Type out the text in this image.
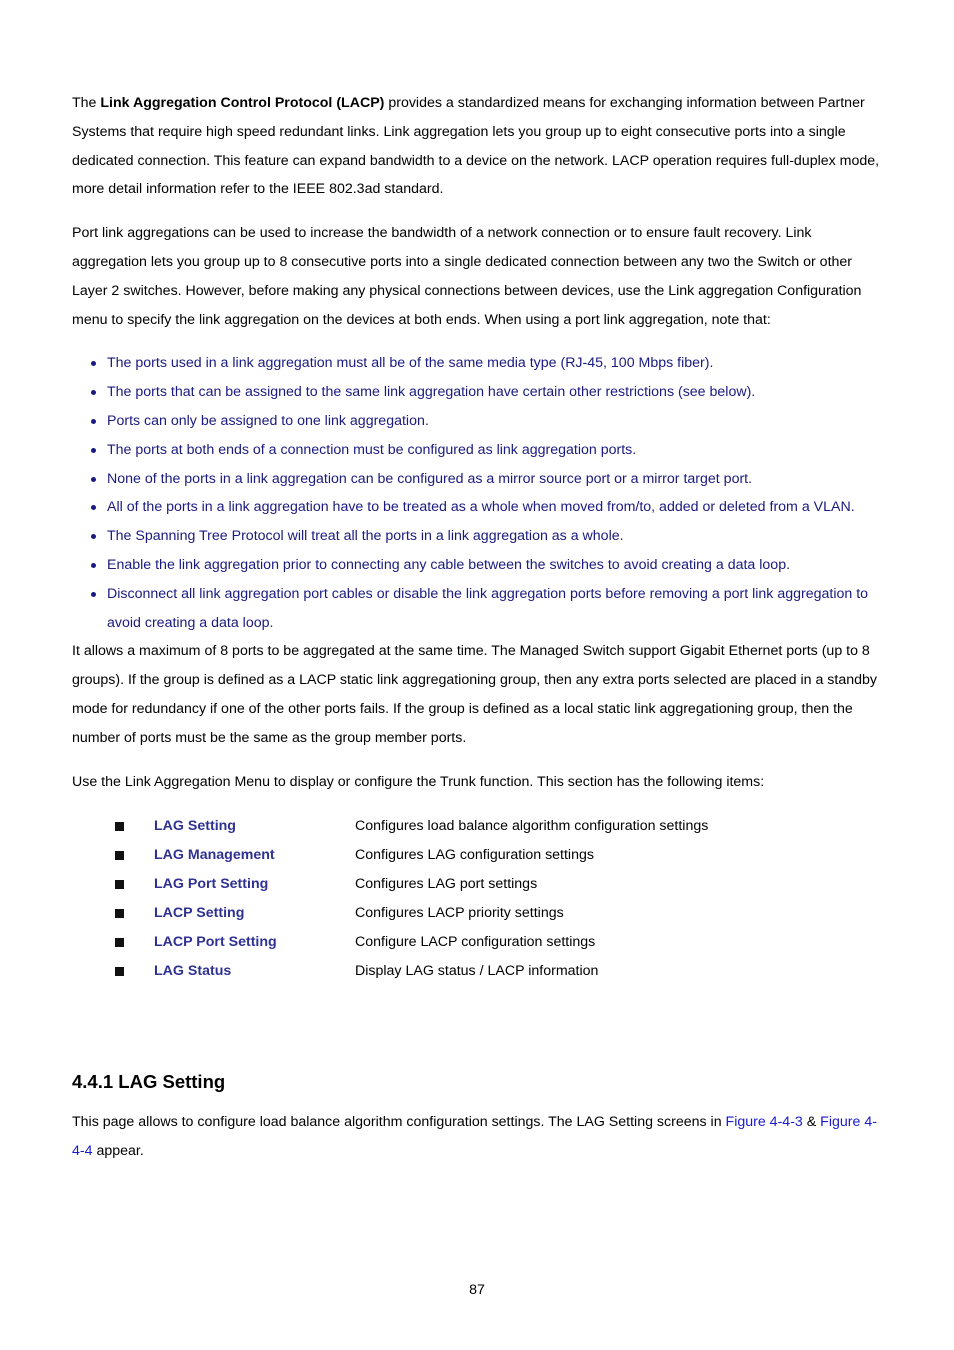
The Link Aggregation Control Protocol (LACP) provides a standardized means for exchanging information between Partner Systems that require high speed redundant links. Link aggregation lets you group up to eight consecutive ports into a single dedicated connection. This feature can expand bandwidth to a device on the network. LACP operation requires full-duplex mode, more detail information refer to the IEEE 802.3ad standard.

Port link aggregations can be used to increase the bandwidth of a network connection or to ensure fault recovery. Link aggregation lets you group up to 8 consecutive ports into a single dedicated connection between any two the Switch or other Layer 2 switches. However, before making any physical connections between devices, use the Link aggregation Configuration menu to specify the link aggregation on the devices at both ends. When using a port link aggregation, note that:

The ports used in a link aggregation must all be of the same media type (RJ-45, 100 Mbps fiber).
The ports that can be assigned to the same link aggregation have certain other restrictions (see below).
Ports can only be assigned to one link aggregation.
The ports at both ends of a connection must be configured as link aggregation ports.
None of the ports in a link aggregation can be configured as a mirror source port or a mirror target port.
All of the ports in a link aggregation have to be treated as a whole when moved from/to, added or deleted from a VLAN.
The Spanning Tree Protocol will treat all the ports in a link aggregation as a whole.
Enable the link aggregation prior to connecting any cable between the switches to avoid creating a data loop.
Disconnect all link aggregation port cables or disable the link aggregation ports before removing a port link aggregation to avoid creating a data loop.

It allows a maximum of 8 ports to be aggregated at the same time. The Managed Switch support Gigabit Ethernet ports (up to 8 groups). If the group is defined as a LACP static link aggregationing group, then any extra ports selected are placed in a standby mode for redundancy if one of the other ports fails. If the group is defined as a local static link aggregationing group, then the number of ports must be the same as the group member ports.

Use the Link Aggregation Menu to display or configure the Trunk function. This section has the following items:

	LAG Setting	Configures load balance algorithm configuration settings
	LAG Management	Configures LAG configuration settings
	LAG Port Setting	Configures LAG port settings
	LACP Setting	Configures LACP priority settings
	LACP Port Setting	Configure LACP configuration settings
	LAG Status	Display LAG status / LACP information
4.4.1 LAG Setting

This page allows to configure load balance algorithm configuration settings. The LAG Setting screens in Figure 4-4-3 & Figure 4-4-4 appear.

87
